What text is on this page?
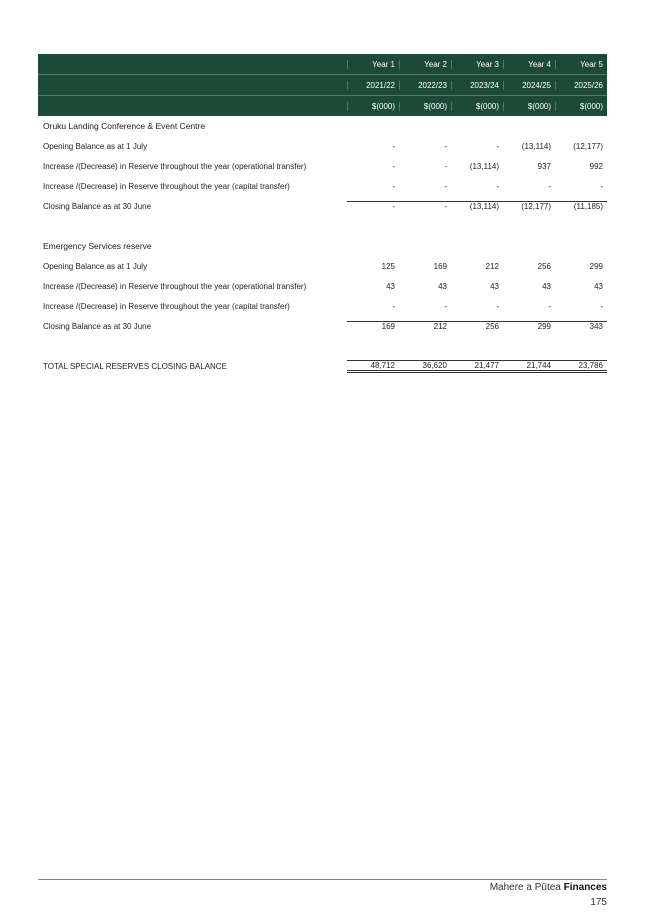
Year 1	Year 2	Year 3	Year 4	Year 5
2021/22	2022/23	2023/24	2024/25	2025/26
$(000)	$(000)	$(000)	$(000)	$(000)
Oruku Landing Conference & Event Centre
Opening Balance as at 1 July	-	-	-	(13,114)	(12,177)
Increase /(Decrease) in Reserve throughout the year (operational transfer)	-	-	(13,114)	937	992
Increase /(Decrease) in Reserve throughout the year (capital transfer)	-	-	-	-	-
Closing Balance as at 30 June	-	-	(13,114)	(12,177)	(11,185)
Emergency Services reserve
Opening Balance as at 1 July	125	169	212	256	299
Increase /(Decrease) in Reserve throughout the year (operational transfer)	43	43	43	43	43
Increase /(Decrease) in Reserve throughout the year (capital transfer)	-	-	-	-	-
Closing Balance as at 30 June	169	212	256	299	343
TOTAL SPECIAL RESERVES CLOSING BALANCE	48,712	36,620	21,477	21,744	23,786
Mahere a Pūtea Finances
175
